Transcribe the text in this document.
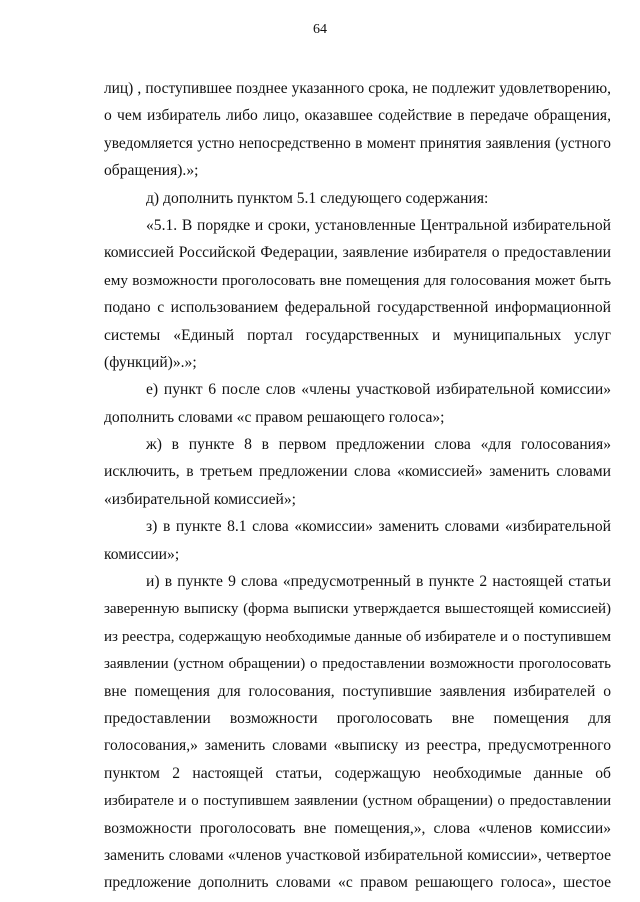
64
лиц) , поступившее позднее указанного срока, не подлежит удовлетворению,
о чем избиратель либо лицо, оказавшее содействие в передаче обращения,
уведомляется устно непосредственно в момент принятия заявления (устного
обращения).»;
д) дополнить пунктом 5.1 следующего содержания:
«5.1. В порядке и сроки, установленные Центральной избирательной
комиссией Российской Федерации, заявление избирателя о предоставлении
ему возможности проголосовать вне помещения для голосования может быть
подано с использованием федеральной государственной информационной
системы «Единый портал государственных и муниципальных услуг
(функций)».»;
е) пункт 6 после слов «члены участковой избирательной комиссии»
дополнить словами «с правом решающего голоса»;
ж) в пункте 8 в первом предложении слова «для голосования»
исключить, в третьем предложении слова «комиссией» заменить словами
«избирательной комиссией»;
з) в пункте 8.1 слова «комиссии» заменить словами «избирательной
комиссии»;
и) в пункте 9 слова «предусмотренный в пункте 2 настоящей статьи
заверенную выписку (форма выписки утверждается вышестоящей комиссией)
из реестра, содержащую необходимые данные об избирателе и о поступившем
заявлении (устном обращении) о предоставлении возможности проголосовать
вне помещения для голосования, поступившие заявления избирателей о
предоставлении возможности проголосовать вне помещения для
голосования,» заменить словами «выписку из реестра, предусмотренного
пунктом 2 настоящей статьи, содержащую необходимые данные об
избирателе и о поступившем заявлении (устном обращении) о предоставлении
возможности проголосовать вне помещения,», слова «членов комиссии»
заменить словами «членов участковой избирательной комиссии», четвертое
предложение дополнить словами «с правом решающего голоса», шестое
